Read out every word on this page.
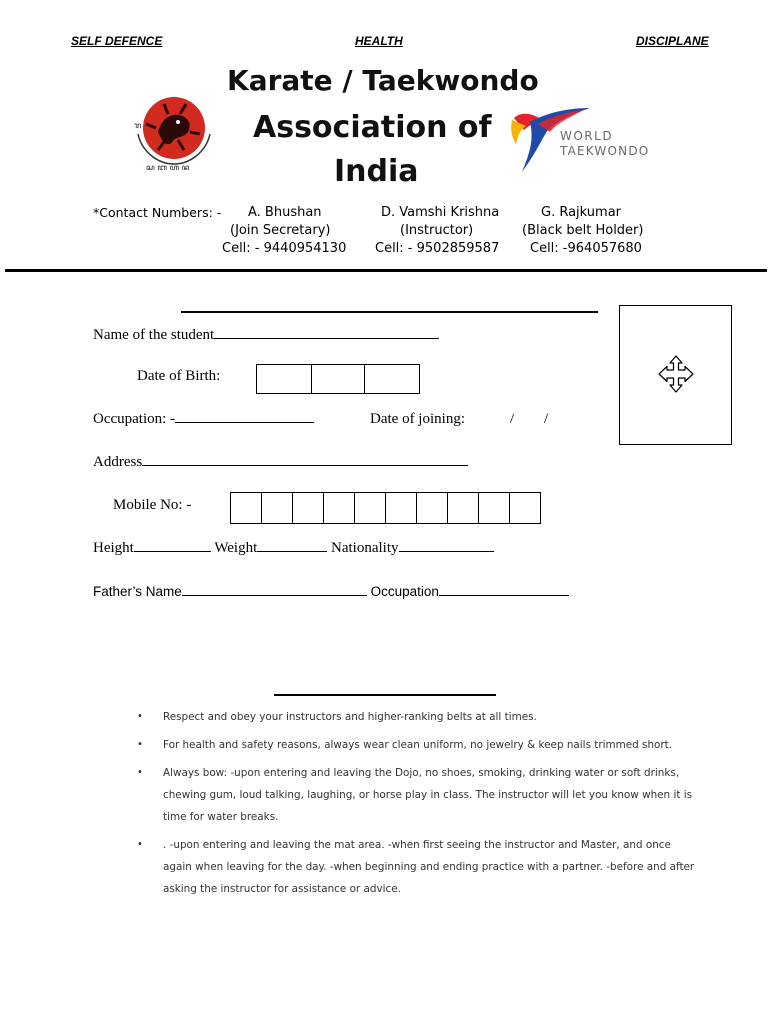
SELF DEFENCE	HEALTH	DISCIPLANE
ꦱ ꦧ ꦲ ꦤ
ꦫ
Karate / Taekwondo
Association of
India
WORLD
TAEKWONDO
*Contact Numbers: - A. Bhushan
(Join Secretary)
Cell: - 9440954130
D. Vamshi Krishna
(Instructor)
Cell: - 9502859587
G. Rajkumar
(Black belt Holder)
Cell: -964057680
Name of the student
Date of Birth:
Occupation: -	Date of joining:	/ /
Address
Mobile No: -
Height	Weight	Nationality
Father’s Name	Occupation
• Respect and obey your instructors and higher-ranking belts at all times.
• For health and safety reasons, always wear clean uniform, no jewelry & keep nails trimmed short.
• Always bow: -upon entering and leaving the Dojo, no shoes, smoking, drinking water or soft drinks, chewing gum, loud talking, laughing, or horse play in class. The instructor will let you know when it is time for water breaks.
• . -upon entering and leaving the mat area. -when first seeing the instructor and Master, and once again when leaving for the day. -when beginning and ending practice with a partner. -before and after asking the instructor for assistance or advice.
